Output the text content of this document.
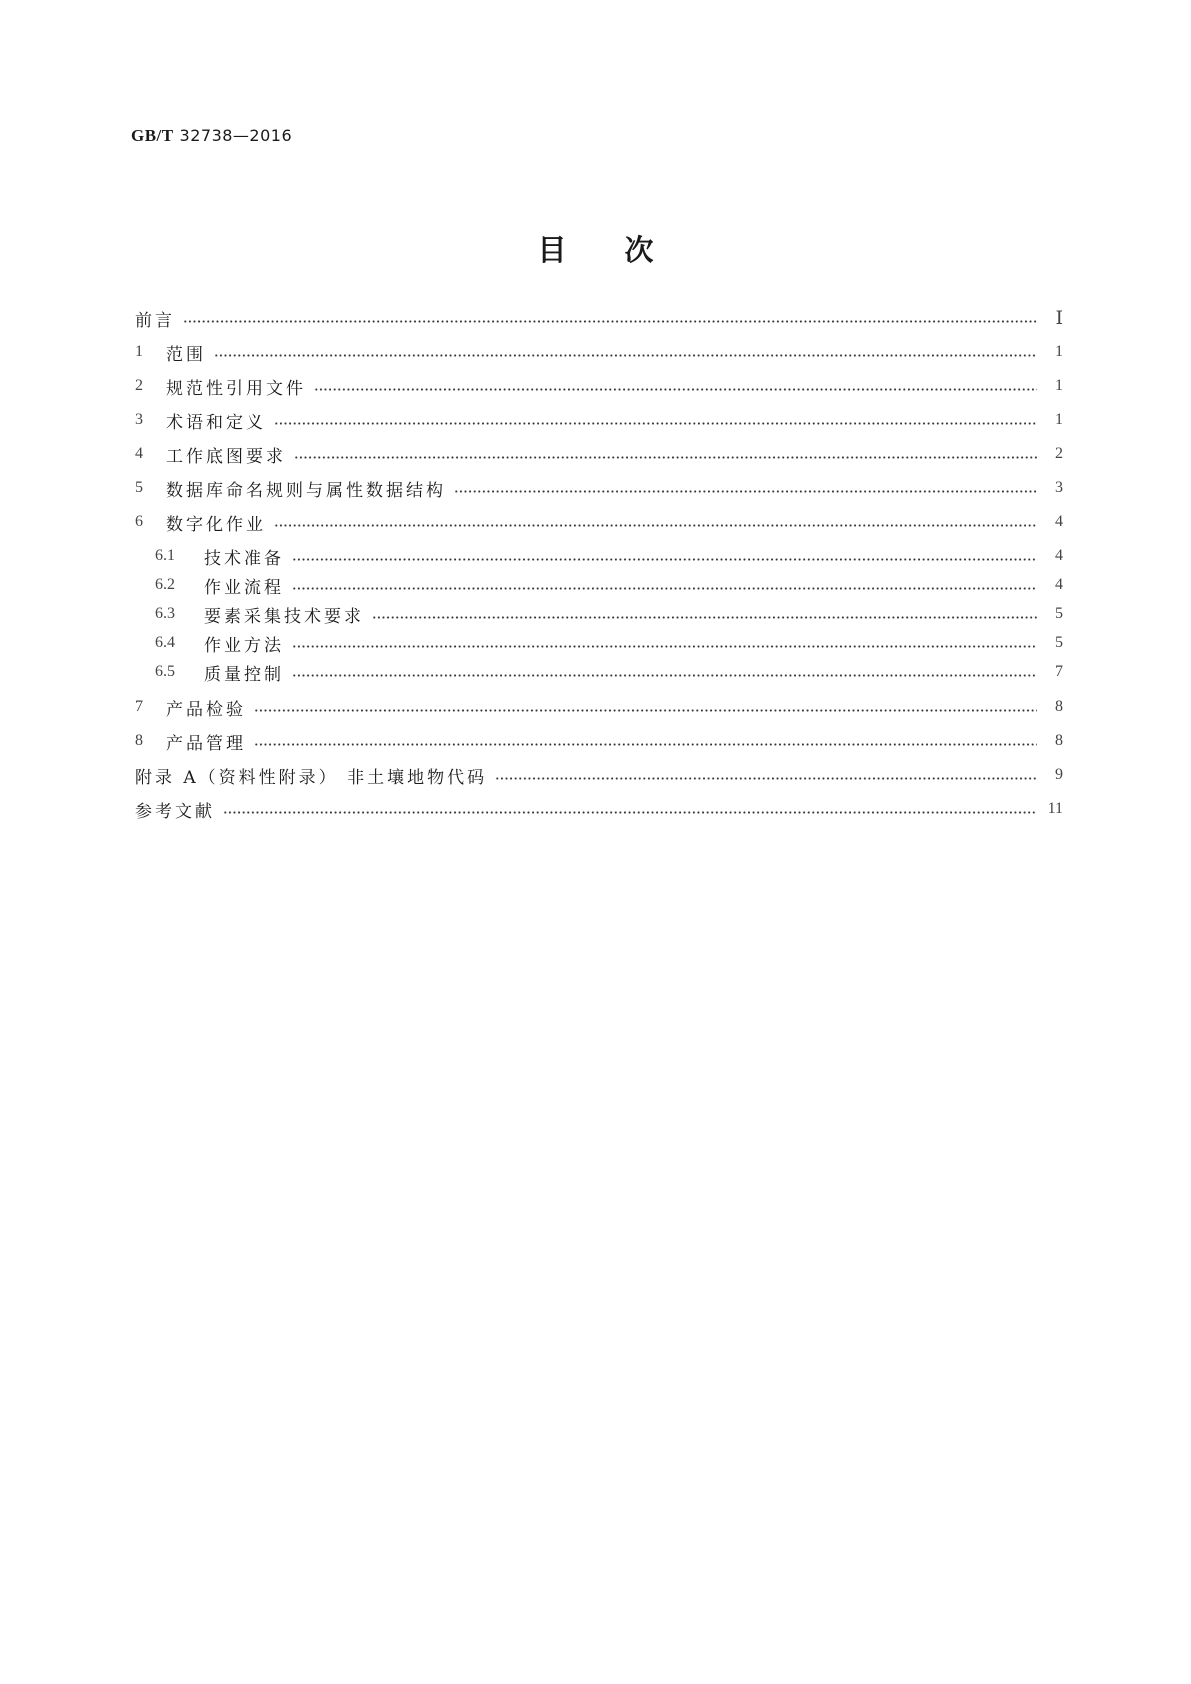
GB/T 32738—2016
目次
前言	Ⅰ
1	范围	1
2	规范性引用文件	1
3	术语和定义	1
4	工作底图要求	2
5	数据库命名规则与属性数据结构	3
6	数字化作业	4
6.1	技术准备	4
6.2	作业流程	4
6.3	要素采集技术要求	5
6.4	作业方法	5
6.5	质量控制	7
7	产品检验	8
8	产品管理	8
附录 A（资料性附录） 非土壤地物代码	9
参考文献	11
